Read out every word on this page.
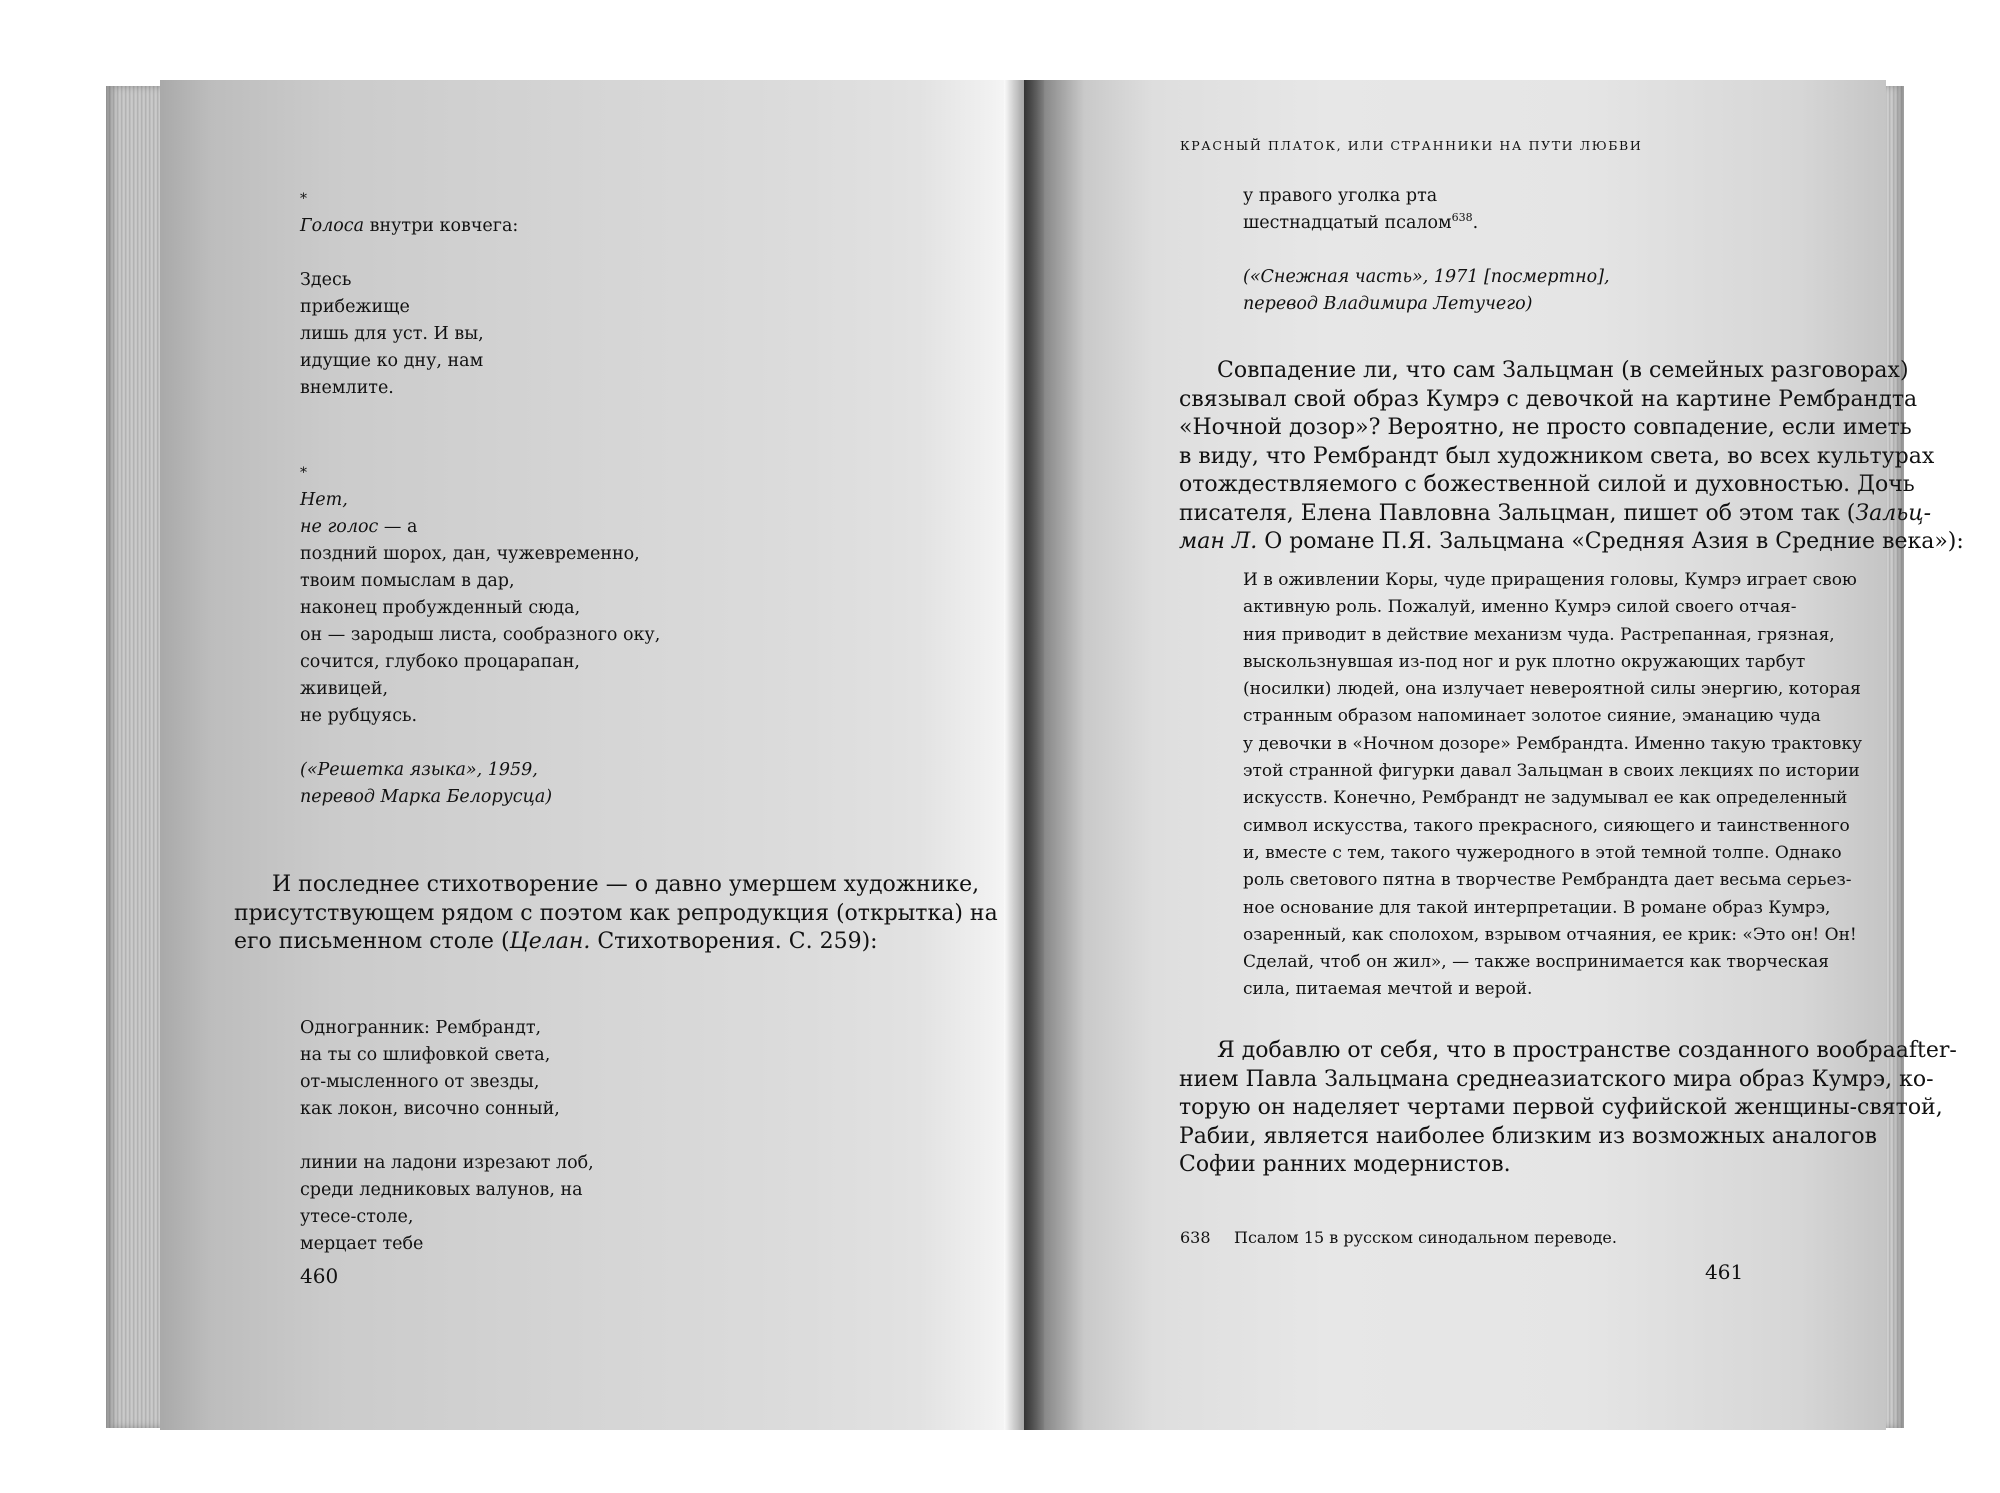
*
Голоса внутри ковчега:
Здесь
прибежище
лишь для уст. И вы,
идущие ко дну, нам
внемлите.
*
Нет,
не голос — а
поздний шорох, дан, чужевременно,
твоим помыслам в дар,
наконец пробужденный сюда,
он — зародыш листа, сообразного оку,
сочится, глубоко процарапан,
живицей,
не рубцуясь.
(«Решетка языка», 1959,
перевод Марка Белорусца)
И последнее стихотворение — о давно умершем художнике,
присутствующем рядом с поэтом как репродукция (открытка) на
его письменном столе (Целан. Стихотворения. С. 259):
Одногранник: Рембрандт,
на ты со шлифовкой света,
от-мысленного от звезды,
как локон, височно сонный,
линии на ладони изрезают лоб,
среди ледниковых валунов, на
утесе-столе,
мерцает тебе
460
КРАСНЫЙ ПЛАТОК, ИЛИ СТРАННИКИ НА ПУТИ ЛЮБВИ
у правого уголка рта
шестнадцатый псалом$^{638}$.
(«Снежная часть», 1971 [посмертно],
перевод Владимира Летучего)
Совпадение ли, что сам Зальцман (в семейных разговорах)
связывал свой образ Кумрэ с девочкой на картине Рембрандта
«Ночной дозор»? Вероятно, не просто совпадение, если иметь
в виду, что Рембрандт был художником света, во всех культурах
отождествляемого с божественной силой и духовностью. Дочь
писателя, Елена Павловна Зальцман, пишет об этом так (Зальц-
ман Л. О романе П.Я. Зальцмана «Средняя Азия в Средние века»):
И в оживлении Коры, чуде приращения головы, Кумрэ играет свою
активную роль. Пожалуй, именно Кумрэ силой своего отчая-
ния приводит в действие механизм чуда. Растрепанная, грязная,
выскользнувшая из-под ног и рук плотно окружающих тарбут
(носилки) людей, она излучает невероятной силы энергию, которая
странным образом напоминает золотое сияние, эманацию чуда
у девочки в «Ночном дозоре» Рембрандта. Именно такую трактовку
этой странной фигурки давал Зальцман в своих лекциях по истории
искусств. Конечно, Рембрандт не задумывал ее как определенный
символ искусства, такого прекрасного, сияющего и таинственного
и, вместе с тем, такого чужеродного в этой темной толпе. Однако
роль светового пятна в творчестве Рембрандта дает весьма серьез-
ное основание для такой интерпретации. В романе образ Кумрэ,
озаренный, как сполохом, взрывом отчаяния, ее крик: «Это он! Он!
Сделай, чтоб он жил», — также воспринимается как творческая
сила, питаемая мечтой и верой.
Я добавлю от себя, что в пространстве созданного вообраafter-
нием Павла Зальцмана среднеазиатского мира образ Кумрэ, ко-
торую он наделяет чертами первой суфийской женщины-святой,
Рабии, является наиболее близким из возможных аналогов
Софии ранних модернистов.
638 Псалом 15 в русском синодальном переводе.
461
